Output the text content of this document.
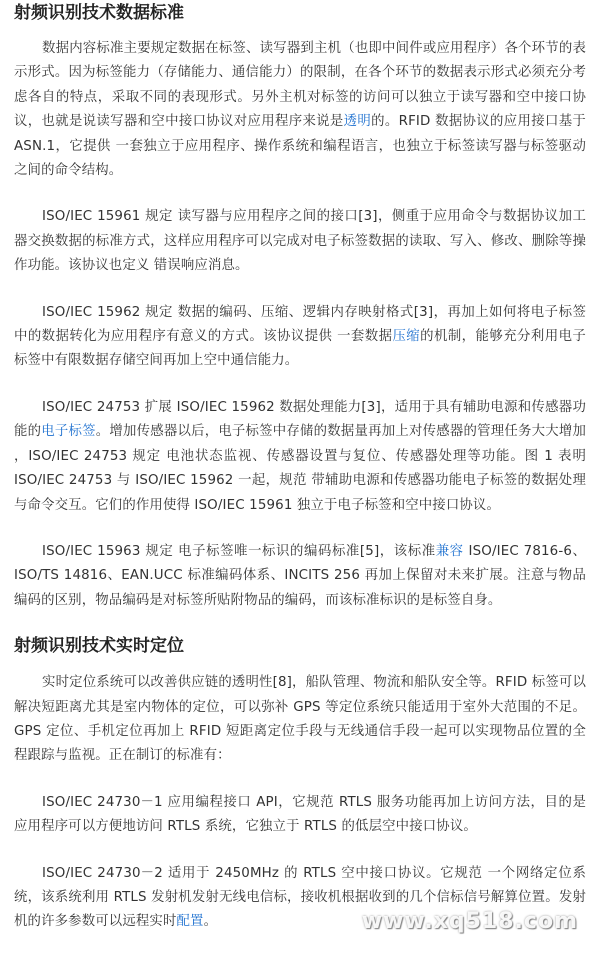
射频识别技术数据标准

数据内容标准主要规定数据在标签、读写器到主机（也即中间件或应用程序）各个环节的表示形式。因为标签能力（存储能力、通信能力）的限制，在各个环节的数据表示形式必须充分考虑各自的特点，采取不同的表现形式。另外主机对标签的访问可以独立于读写器和空中接口协议，也就是说读写器和空中接口协议对应用程序来说是透明的。RFID 数据协议的应用接口基于 ASN.1，它提供 一套独立于应用程序、操作系统和编程语言，也独立于标签读写器与标签驱动之间的命令结构。

ISO/IEC 15961 规定 读写器与应用程序之间的接口[3]，侧重于应用命令与数据协议加工器交换数据的标准方式，这样应用程序可以完成对电子标签数据的读取、写入、修改、删除等操作功能。该协议也定义 错误响应消息。

ISO/IEC 15962 规定 数据的编码、压缩、逻辑内存映射格式[3]，再加上如何将电子标签中的数据转化为应用程序有意义的方式。该协议提供 一套数据压缩的机制，能够充分利用电子标签中有限数据存储空间再加上空中通信能力。

ISO/IEC 24753 扩展 ISO/IEC 15962 数据处理能力[3]，适用于具有辅助电源和传感器功能的电子标签。增加传感器以后，电子标签中存储的数据量再加上对传感器的管理任务大大增加 ，ISO/IEC 24753 规定 电池状态监视、传感器设置与复位、传感器处理等功能。图 1 表明 ISO/IEC 24753 与 ISO/IEC 15962 一起，规范 带辅助电源和传感器功能电子标签的数据处理与命令交互。它们的作用使得 ISO/IEC 15961 独立于电子标签和空中接口协议。

ISO/IEC 15963 规定 电子标签唯一标识的编码标准[5]，该标准兼容 ISO/IEC 7816-6、ISO/TS 14816、EAN.UCC 标准编码体系、INCITS 256 再加上保留对未来扩展。注意与物品编码的区别，物品编码是对标签所贴附物品的编码，而该标准标识的是标签自身。

射频识别技术实时定位

实时定位系统可以改善供应链的透明性[8]，船队管理、物流和船队安全等。RFID 标签可以解决短距离尤其是室内物体的定位，可以弥补 GPS 等定位系统只能适用于室外大范围的不足。GPS 定位、手机定位再加上 RFID 短距离定位手段与无线通信手段一起可以实现物品位置的全程跟踪与监视。正在制订的标准有：

ISO/IEC 24730－1 应用编程接口 API，它规范 RTLS 服务功能再加上访问方法，目的是应用程序可以方便地访问 RTLS 系统，它独立于 RTLS 的低层空中接口协议。

ISO/IEC 24730－2 适用于 2450MHz 的 RTLS 空中接口协议。它规范 一个网络定位系统，该系统利用 RTLS 发射机发射无线电信标，接收机根据收到的几个信标信号解算位置。发射机的许多参数可以远程实时配置。	www.xq518.com
